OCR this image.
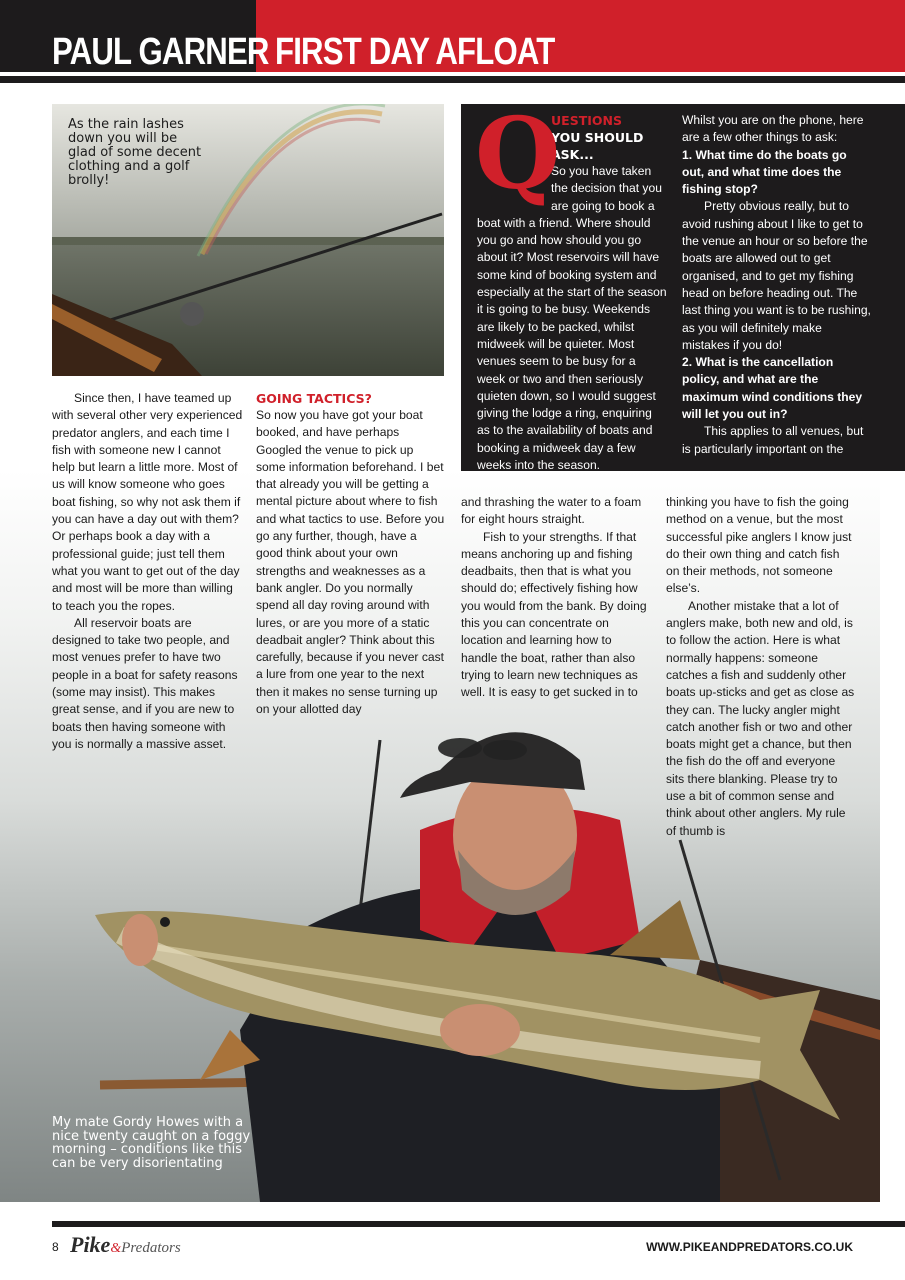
PAUL GARNER FIRST DAY AFLOAT
As the rain lashes down you will be glad of some decent clothing and a golf brolly!

Since then, I have teamed up with several other very experienced predator anglers, and each time I fish with someone new I cannot help but learn a little more. Most of us will know someone who goes boat fishing, so why not ask them if you can have a day out with them? Or perhaps book a day with a professional guide; just tell them what you want to get out of the day and most will be more than willing to teach you the ropes.

All reservoir boats are designed to take two people, and most venues prefer to have two people in a boat for safety reasons (some may insist). This makes great sense, and if you are new to boats then having someone with you is normally a massive asset.

GOING TACTICS?

So now you have got your boat booked, and have perhaps Googled the venue to pick up some information beforehand. I bet that already you will be getting a mental picture about where to fish and what tactics to use. Before you go any further, though, have a good think about your own strengths and weaknesses as a bank angler. Do you normally spend all day roving around with lures, or are you more of a static deadbait angler? Think about this carefully, because if you never cast a lure from one year to the next then it makes no sense turning up on your allotted day

Q
UESTIONS
YOU SHOULD ASK...

So you have taken the decision that you are going to book a boat with a friend. Where should you go and how should you go about it? Most reservoirs will have some kind of booking system and especially at the start of the season it is going to be busy. Weekends are likely to be packed, whilst midweek will be quieter. Most venues seem to be busy for a week or two and then seriously quieten down, so I would suggest giving the lodge a ring, enquiring as to the availability of boats and booking a midweek day a few weeks into the season.

Whilst you are on the phone, here are a few other things to ask:

1. What time do the boats go out, and what time does the fishing stop?

Pretty obvious really, but to avoid rushing about I like to get to the venue an hour or so before the boats are allowed out to get organised, and to get my fishing head on before heading out. The last thing you want is to be rushing, as you will definitely make mistakes if you do!

2. What is the cancellation policy, and what are the maximum wind conditions they will let you out in?

This applies to all venues, but is particularly important on the

and thrashing the water to a foam for eight hours straight.

Fish to your strengths. If that means anchoring up and fishing deadbaits, then that is what you should do; effectively fishing how you would from the bank. By doing this you can concentrate on location and learning how to handle the boat, rather than also trying to learn new techniques as well. It is easy to get sucked in to

thinking you have to fish the going method on a venue, but the most successful pike anglers I know just do their own thing and catch fish on their methods, not someone else’s.

Another mistake that a lot of anglers make, both new and old, is to follow the action. Here is what normally happens: someone catches a fish and suddenly other boats up-sticks and get as close as they can. The lucky angler might catch another fish or two and other boats might get a chance, but then the fish do the off and everyone sits there blanking. Please try to use a bit of common sense and think about other anglers. My rule of thumb is

My mate Gordy Howes with a nice twenty caught on a foggy morning – conditions like this can be very disorientating
8 Pike&Predators	WWW.PIKEANDPREDATORS.CO.UK
